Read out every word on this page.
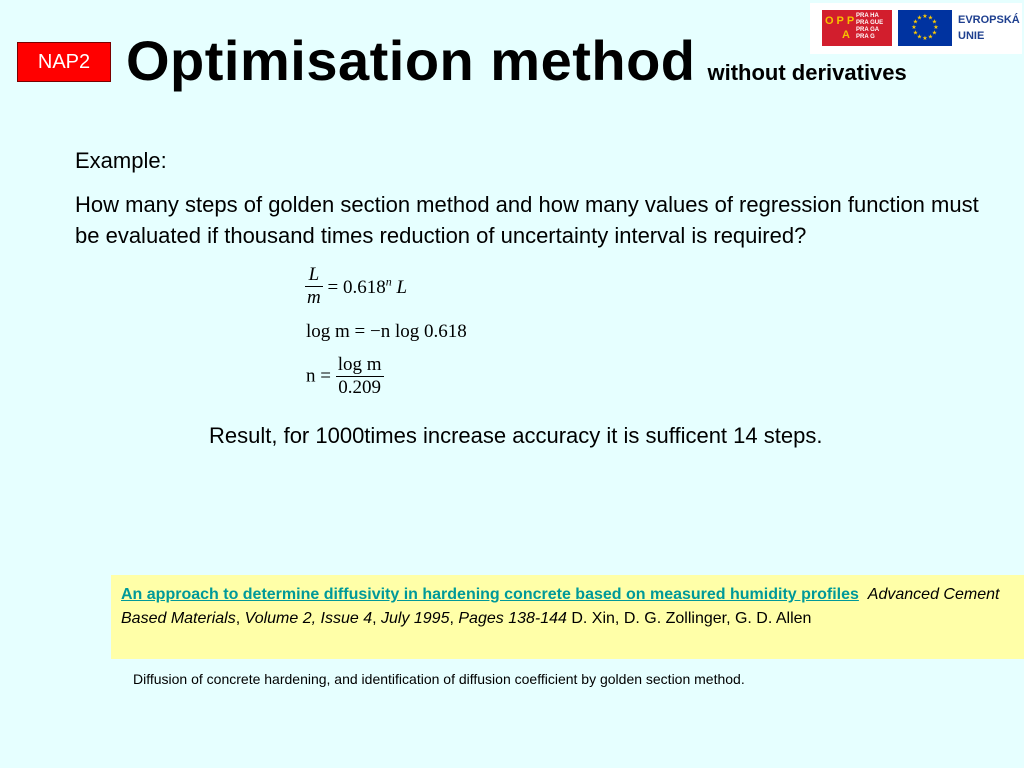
NAP2 Optimisation method without derivatives
OPP
A
PRA HA
PRA GUE
PRA GA
PRA G
★ ★
★
★
★
★
★
★
★
★
★
★	EVROPSKÁ
UNIE

Example:

How many steps of golden section method and how many values of regression function must be evaluated if thousand times reduction of uncertainty interval is required?

$\frac{L}{m} = 0.618^n$ L
log m = −n log 0.618
$n = \frac{\text{log m}}{0.209}$
Result, for 1000times increase accuracy it is sufficent 14 steps.
An approach to determine diffusivity in hardening concrete based on measured humidity profiles Advanced Cement Based Materials, Volume 2, Issue 4, July 1995, Pages 138-144 D. Xin, D. G. Zollinger, G. D. Allen
Diffusion of concrete hardening, and identification of diffusion coefficient by golden section method.
